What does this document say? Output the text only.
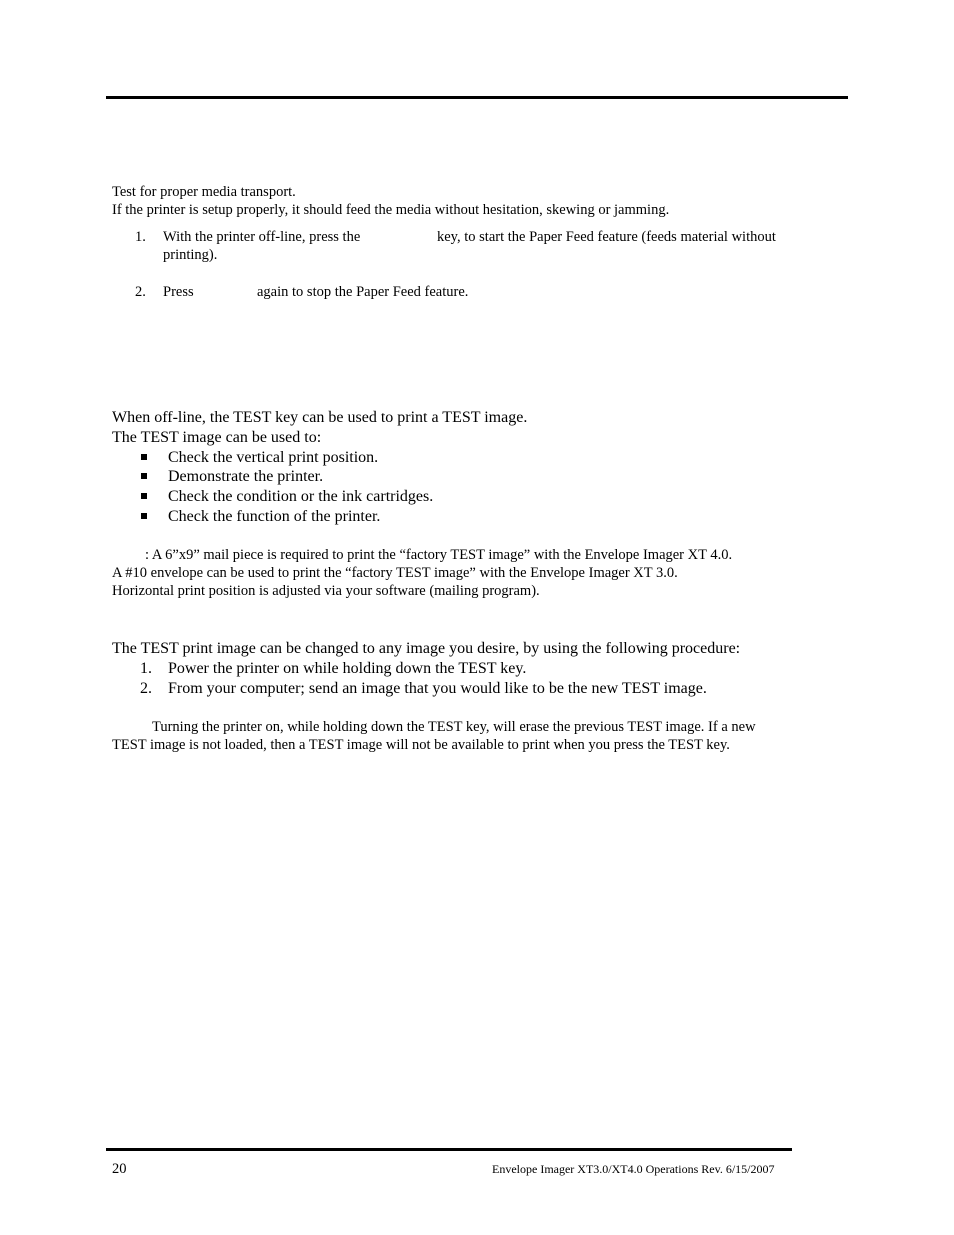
Test for proper media transport.
If the printer is setup properly, it should feed the media without hesitation, skewing or jamming.
1. With the printer off-line, press the	key, to start the Paper Feed feature (feeds material without
printing).
2. Press	again to stop the Paper Feed feature.
When off-line, the TEST key can be used to print a TEST image.
The TEST image can be used to:
Check the vertical print position.
Demonstrate the printer.
Check the condition or the ink cartridges.
Check the function of the printer.
: A 6”x9” mail piece is required to print the “factory TEST image” with the Envelope Imager XT 4.0.
A #10 envelope can be used to print the “factory TEST image” with the Envelope Imager XT 3.0.
Horizontal print position is adjusted via your software (mailing program).
The TEST print image can be changed to any image you desire, by using the following procedure:
1. Power the printer on while holding down the TEST key.
2. From your computer; send an image that you would like to be the new TEST image.
Turning the printer on, while holding down the TEST key, will erase the previous TEST image. If a new
TEST image is not loaded, then a TEST image will not be available to print when you press the TEST key.
20	Envelope Imager XT3.0/XT4.0 Operations Rev. 6/15/2007
